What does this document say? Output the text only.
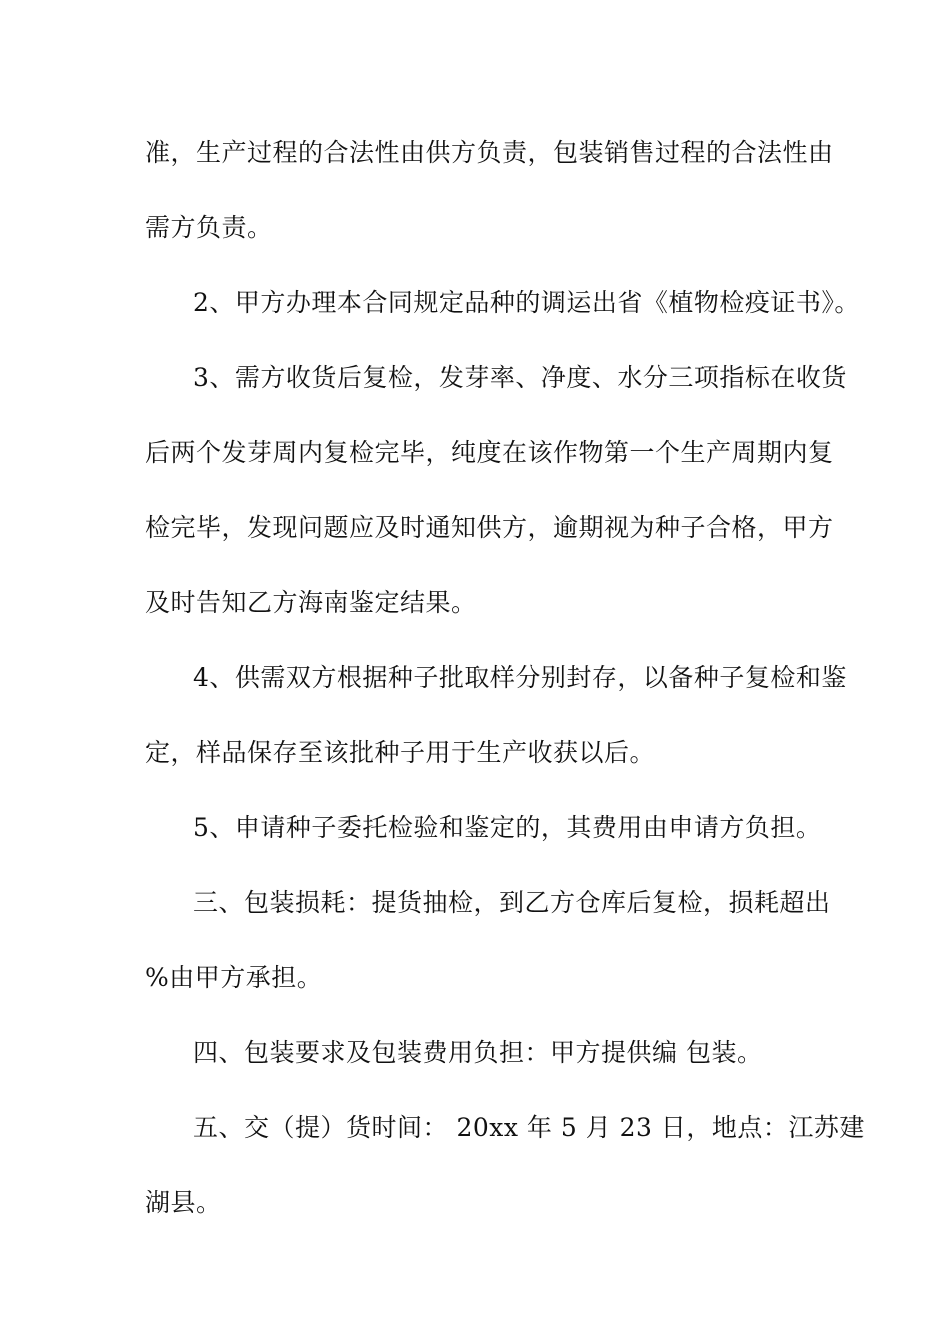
准，生产过程的合法性由供方负责，包装销售过程的合法性由
需方负责。
2、甲方办理本合同规定品种的调运出省《植物检疫证书》。
3、需方收货后复检，发芽率、净度、水分三项指标在收货
后两个发芽周内复检完毕，纯度在该作物第一个生产周期内复
检完毕，发现问题应及时通知供方，逾期视为种子合格，甲方
及时告知乙方海南鉴定结果。
4、供需双方根据种子批取样分别封存，以备种子复检和鉴
定，样品保存至该批种子用于生产收获以后。
5、申请种子委托检验和鉴定的，其费用由申请方负担。
三、包装损耗：提货抽检，到乙方仓库后复检，损耗超出
%由甲方承担。
四、包装要求及包装费用负担：甲方提供编 包装。
五、交（提）货时间： 20xx 年 5 月 23 日，地点：江苏建
湖县。
